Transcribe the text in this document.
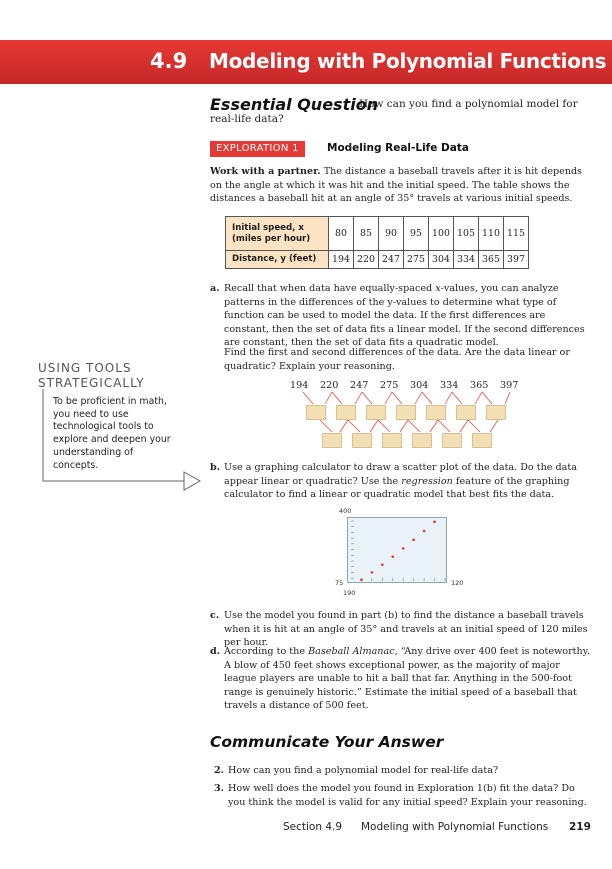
4.9 Modeling with Polynomial Functions
Essential Question
How can you find a polynomial model for real-life data?
EXPLORATION 1	Modeling Real-Life Data
Work with a partner. The distance a baseball travels after it is hit depends on the angle at which it was hit and the initial speed. The table shows the distances a baseball hit at an angle of 35° travels at various initial speeds.
Initial speed, x (miles per hour)	80	85	90	95	100	105	110	115
Distance, y (feet)	194	220	247	275	304	334	365	397
a. Recall that when data have equally-spaced x-values, you can analyze patterns in the differences of the y-values to determine what type of function can be used to model the data. If the first differences are constant, then the set of data fits a linear model. If the second differences are constant, then the set of data fits a quadratic model.
Find the first and second differences of the data. Are the data linear or quadratic? Explain your reasoning.
194 220 247 275 304 334 365 397
USING TOOLS
STRATEGICALLY
To be proficient in math, you need to use technological tools to explore and deepen your understanding of concepts.	b. Use a graphing calculator to draw a scatter plot of the data. Do the data appear linear or quadratic? Use the regression feature of the graphing calculator to find a linear or quadratic model that best fits the data.
400
75	120
190
c. Use the model you found in part (b) to find the distance a baseball travels when it is hit at an angle of 35° and travels at an initial speed of 120 miles per hour.
d. According to the Baseball Almanac, “Any drive over 400 feet is noteworthy. A blow of 450 feet shows exceptional power, as the majority of major league players are unable to hit a ball that far. Anything in the 500-foot range is genuinely historic.” Estimate the initial speed of a baseball that travels a distance of 500 feet.
Communicate Your Answer
2. How can you find a polynomial model for real-life data?
3. How well does the model you found in Exploration 1(b) fit the data? Do you think the model is valid for any initial speed? Explain your reasoning.
Section 4.9 Modeling with Polynomial Functions 219
